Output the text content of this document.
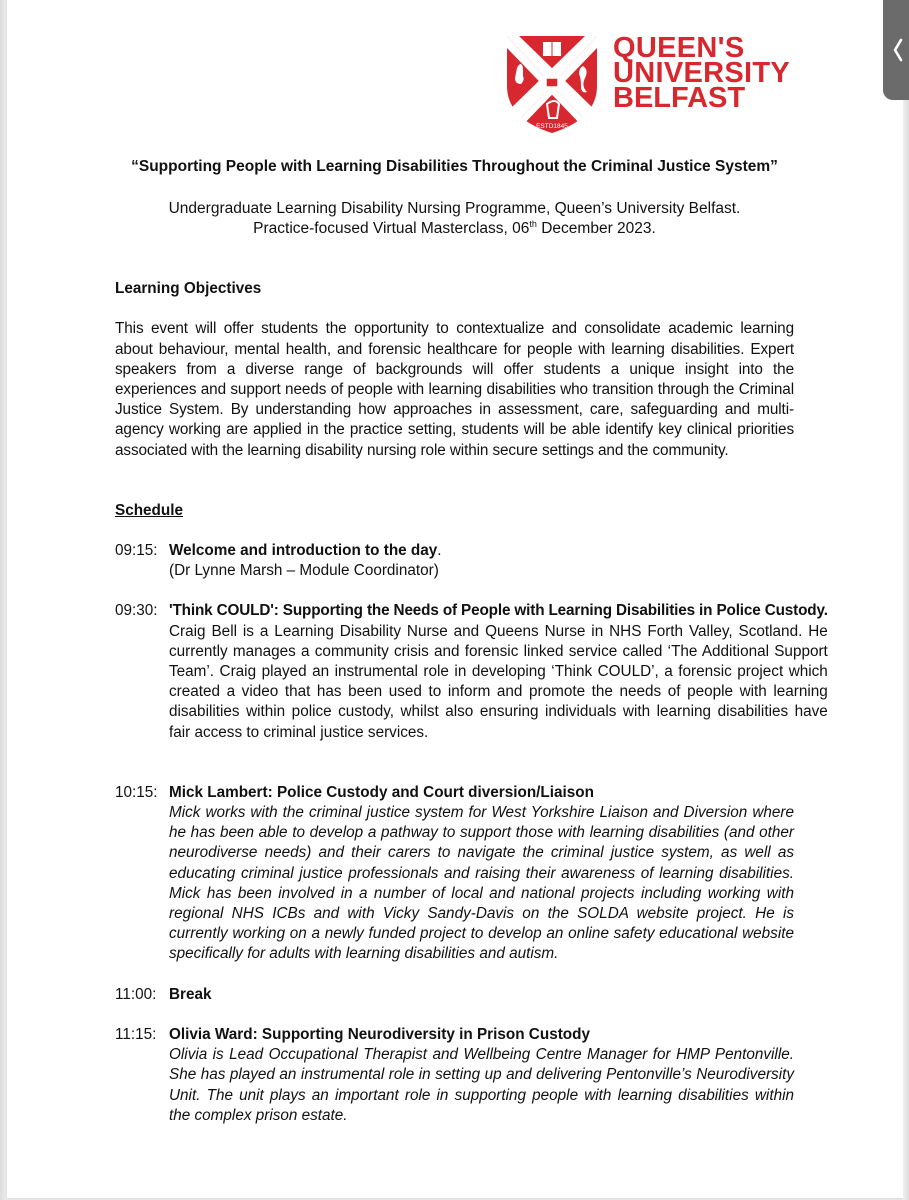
ESTD1845
QUEEN'S
UNIVERSITY
BELFAST
“Supporting People with Learning Disabilities Throughout the Criminal Justice System”
Undergraduate Learning Disability Nursing Programme, Queen’s University Belfast.
Practice-focused Virtual Masterclass, 06th December 2023.
Learning Objectives
This event will offer students the opportunity to contextualize and consolidate academic learning about behaviour, mental health, and forensic healthcare for people with learning disabilities. Expert speakers from a diverse range of backgrounds will offer students a unique insight into the experiences and support needs of people with learning disabilities who transition through the Criminal Justice System. By understanding how approaches in assessment, care, safeguarding and multi-agency working are applied in the practice setting, students will be able identify key clinical priorities associated with the learning disability nursing role within secure settings and the community.
Schedule
09:15: Welcome and introduction to the day.
(Dr Lynne Marsh – Module Coordinator)
09:30: 'Think COULD': Supporting the Needs of People with Learning Disabilities in Police Custody.
Craig Bell is a Learning Disability Nurse and Queens Nurse in NHS Forth Valley, Scotland. He currently manages a community crisis and forensic linked service called ‘The Additional Support Team’. Craig played an instrumental role in developing ‘Think COULD’, a forensic project which created a video that has been used to inform and promote the needs of people with learning disabilities within police custody, whilst also ensuring individuals with learning disabilities have fair access to criminal justice services.
10:15: Mick Lambert: Police Custody and Court diversion/Liaison
Mick works with the criminal justice system for West Yorkshire Liaison and Diversion where he has been able to develop a pathway to support those with learning disabilities (and other neurodiverse needs) and their carers to navigate the criminal justice system, as well as educating criminal justice professionals and raising their awareness of learning disabilities. Mick has been involved in a number of local and national projects including working with regional NHS ICBs and with Vicky Sandy-Davis on the SOLDA website project. He is currently working on a newly funded project to develop an online safety educational website specifically for adults with learning disabilities and autism.
11:00: Break
11:15: Olivia Ward: Supporting Neurodiversity in Prison Custody
Olivia is Lead Occupational Therapist and Wellbeing Centre Manager for HMP Pentonville. She has played an instrumental role in setting up and delivering Pentonville’s Neurodiversity Unit. The unit plays an important role in supporting people with learning disabilities within the complex prison estate.
